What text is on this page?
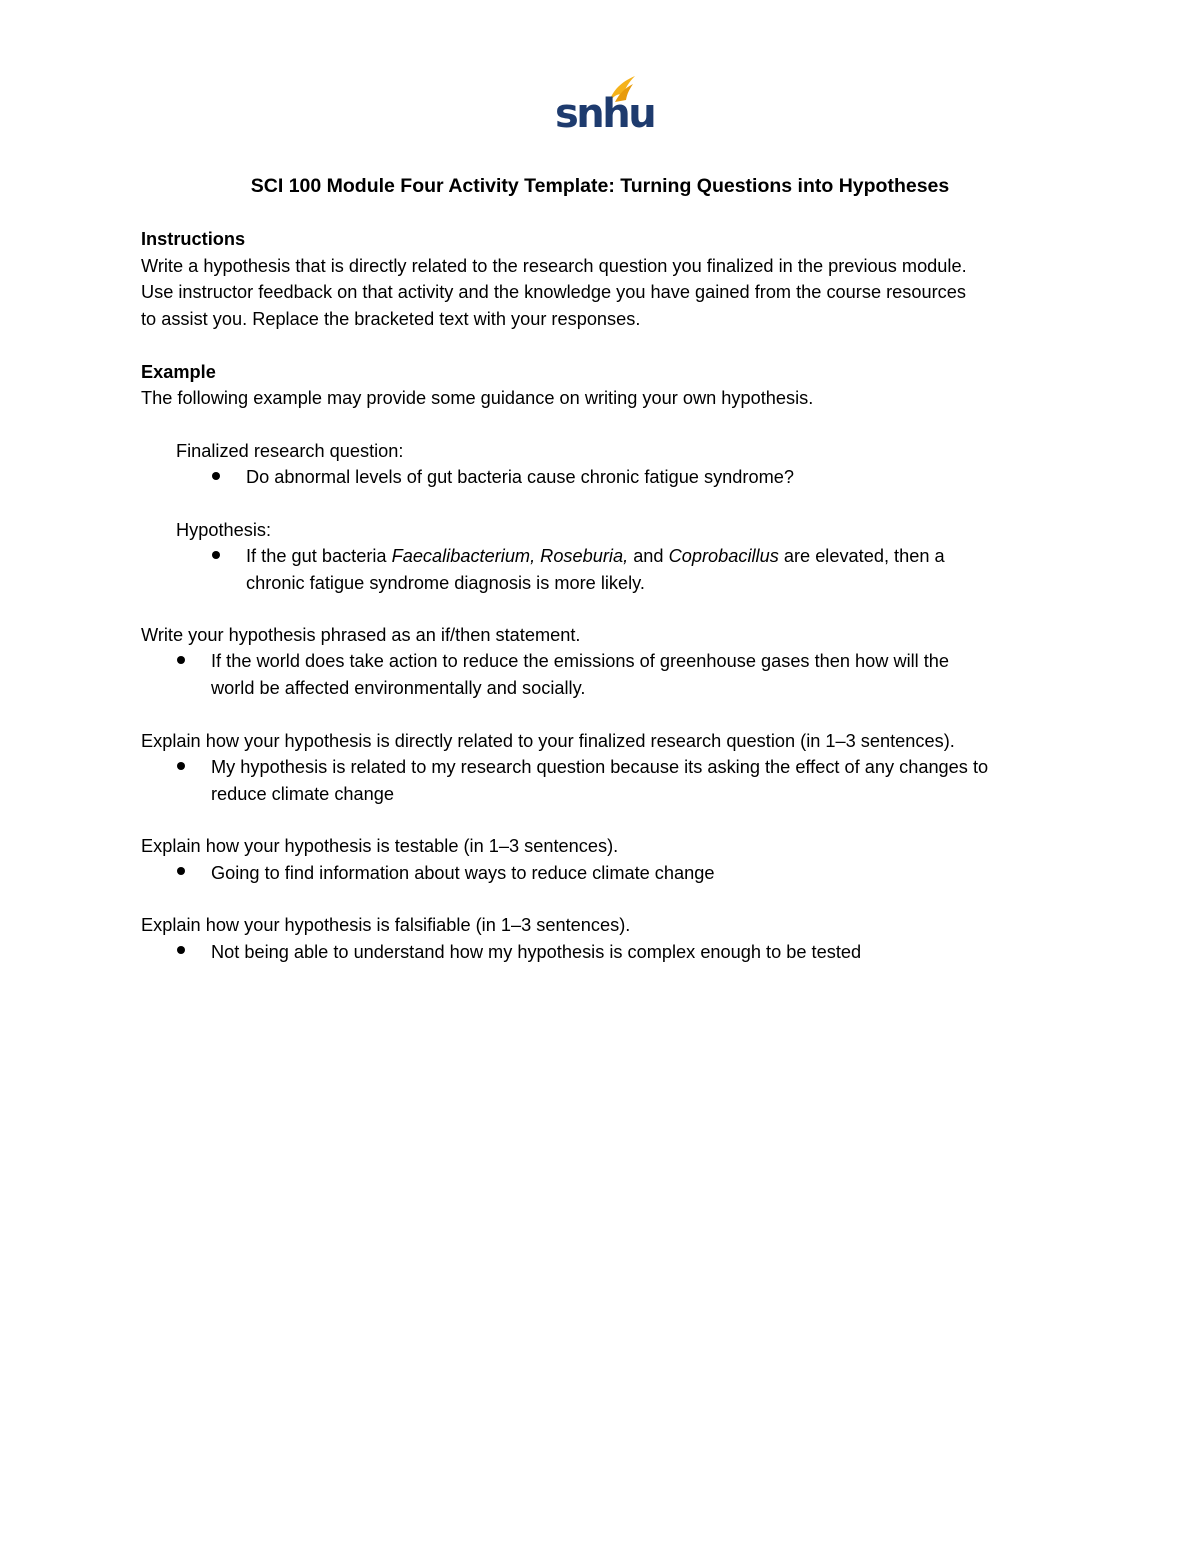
snhu
SCI 100 Module Four Activity Template: Turning Questions into Hypotheses
Instructions
Write a hypothesis that is directly related to the research question you finalized in the previous module.
Use instructor feedback on that activity and the knowledge you have gained from the course resources
to assist you. Replace the bracketed text with your responses.
Example
The following example may provide some guidance on writing your own hypothesis.
Finalized research question:
Do abnormal levels of gut bacteria cause chronic fatigue syndrome?
Hypothesis:
If the gut bacteria Faecalibacterium, Roseburia, and Coprobacillus are elevated, then a
chronic fatigue syndrome diagnosis is more likely.
Write your hypothesis phrased as an if/then statement.
If the world does take action to reduce the emissions of greenhouse gases then how will the
world be affected environmentally and socially.
Explain how your hypothesis is directly related to your finalized research question (in 1–3 sentences).
My hypothesis is related to my research question because its asking the effect of any changes to
reduce climate change
Explain how your hypothesis is testable (in 1–3 sentences).
Going to find information about ways to reduce climate change
Explain how your hypothesis is falsifiable (in 1–3 sentences).
Not being able to understand how my hypothesis is complex enough to be tested
